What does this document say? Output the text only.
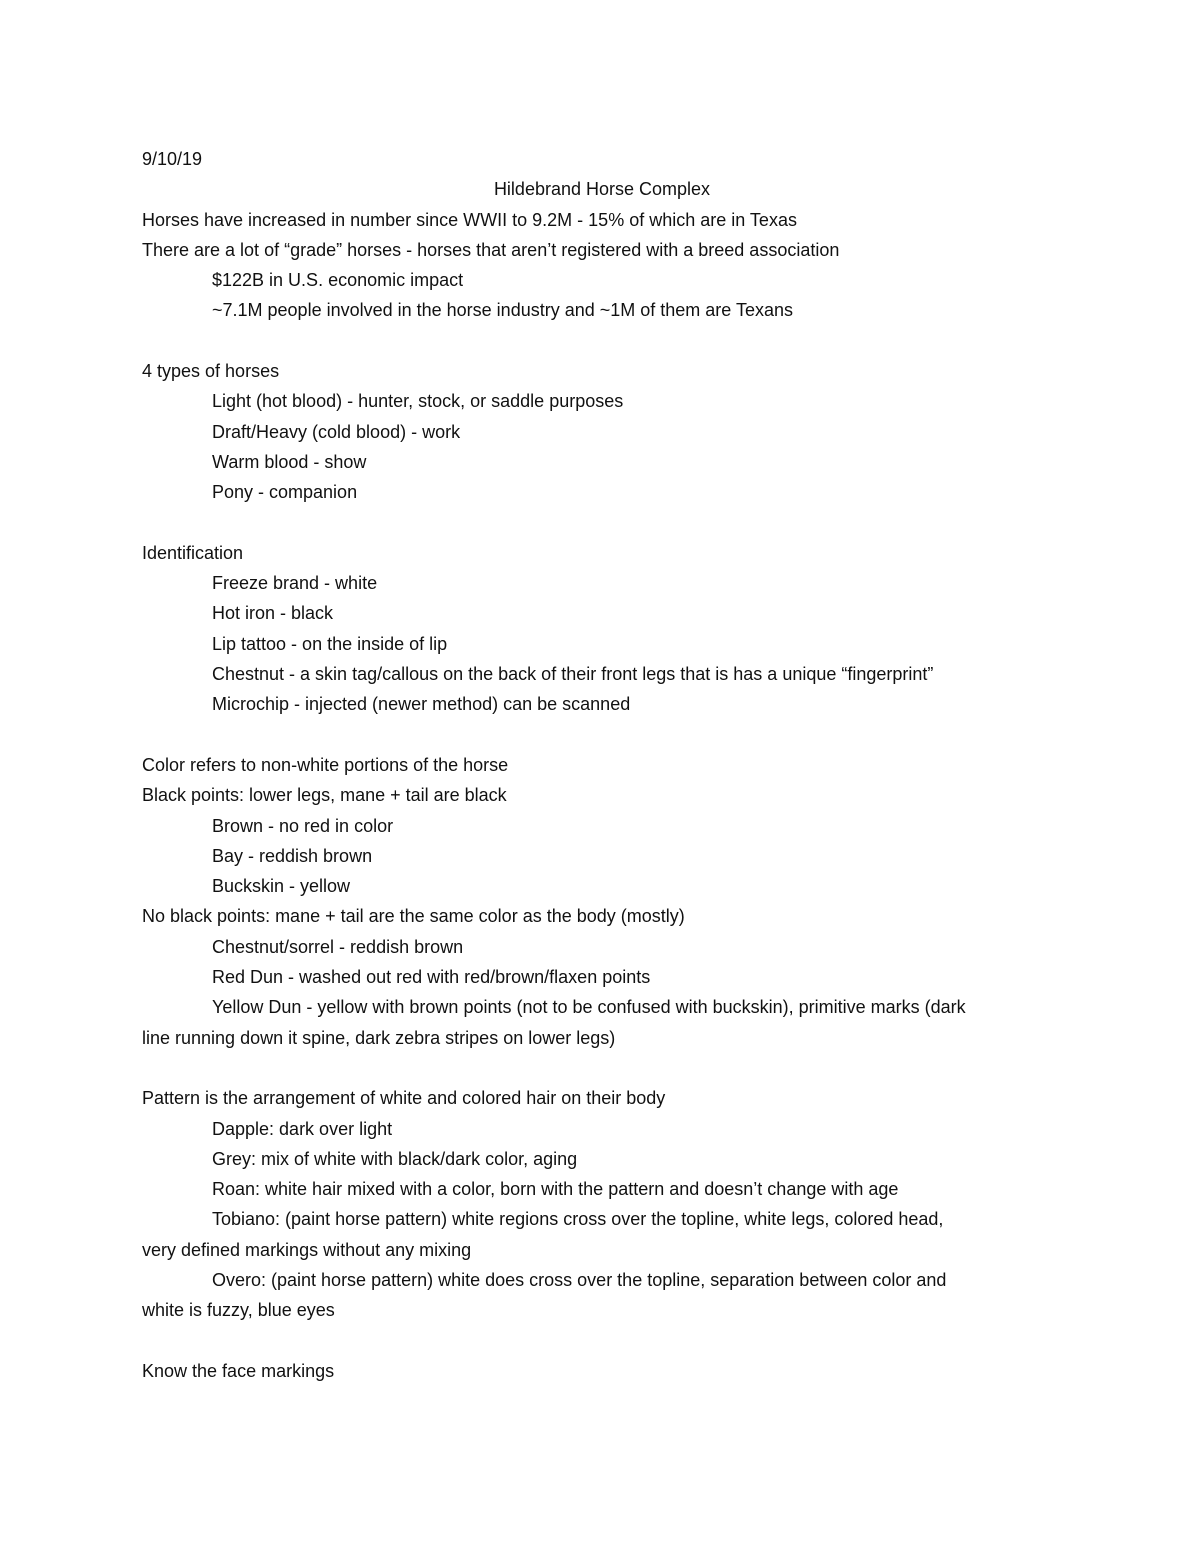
9/10/19
Hildebrand Horse Complex
Horses have increased in number since WWII to 9.2M - 15% of which are in Texas
There are a lot of “grade” horses - horses that aren’t registered with a breed association
$122B in U.S. economic impact
~7.1M people involved in the horse industry and ~1M of them are Texans
4 types of horses
Light (hot blood) - hunter, stock, or saddle purposes
Draft/Heavy (cold blood) - work
Warm blood - show
Pony - companion
Identification
Freeze brand - white
Hot iron - black
Lip tattoo - on the inside of lip
Chestnut - a skin tag/callous on the back of their front legs that is has a unique “fingerprint”
Microchip - injected (newer method) can be scanned
Color refers to non-white portions of the horse
Black points: lower legs, mane + tail are black
Brown - no red in color
Bay - reddish brown
Buckskin - yellow
No black points: mane + tail are the same color as the body (mostly)
Chestnut/sorrel - reddish brown
Red Dun - washed out red with red/brown/flaxen points
Yellow Dun - yellow with brown points (not to be confused with buckskin), primitive marks (dark
line running down it spine, dark zebra stripes on lower legs)
Pattern is the arrangement of white and colored hair on their body
Dapple: dark over light
Grey: mix of white with black/dark color, aging
Roan: white hair mixed with a color, born with the pattern and doesn’t change with age
Tobiano: (paint horse pattern) white regions cross over the topline, white legs, colored head,
very defined markings without any mixing
Overo: (paint horse pattern) white does cross over the topline, separation between color and
white is fuzzy, blue eyes
Know the face markings
